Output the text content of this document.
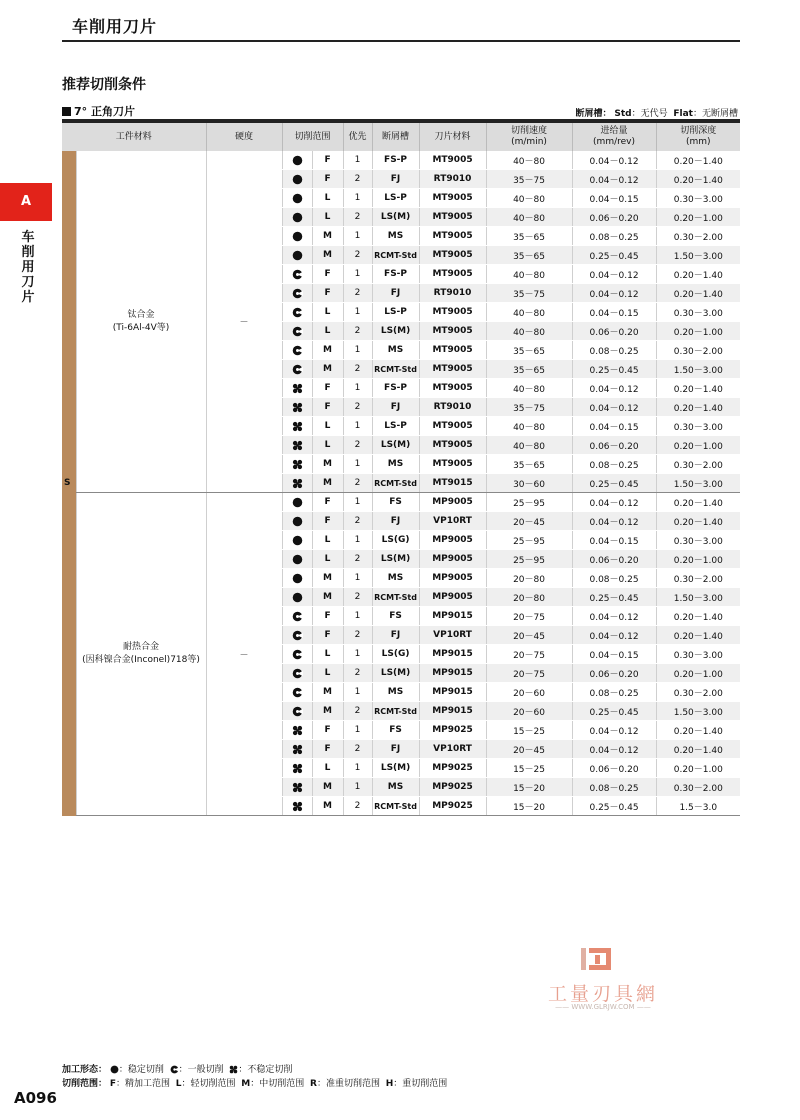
车削用刀片
推荐切削条件
7° 正角刀片	断屑槽： Std：无代号 Flat：无断屑槽
A
车削用刀片
工件材料		硬度	切削范围		优先	断屑槽	刀片材料	切削速度
(m/min)	进给量
(mm/rev)	切削深度
(mm)
S	钛合金
(Ti-6Al-4V等)	－		F	1	FS-P	MT9005	40－80	0.04－0.12	0.20－1.40
	F	2	FJ	RT9010	35－75	0.04－0.12	0.20－1.40
	L	1	LS-P	MT9005	40－80	0.04－0.15	0.30－3.00
	L	2	LS(M)	MT9005	40－80	0.06－0.20	0.20－1.00
	M	1	MS	MT9005	35－65	0.08－0.25	0.30－2.00
	M	2	RCMT-Std	MT9005	35－65	0.25－0.45	1.50－3.00
	F	1	FS-P	MT9005	40－80	0.04－0.12	0.20－1.40
	F	2	FJ	RT9010	35－75	0.04－0.12	0.20－1.40
	L	1	LS-P	MT9005	40－80	0.04－0.15	0.30－3.00
	L	2	LS(M)	MT9005	40－80	0.06－0.20	0.20－1.00
	M	1	MS	MT9005	35－65	0.08－0.25	0.30－2.00
	M	2	RCMT-Std	MT9005	35－65	0.25－0.45	1.50－3.00
	F	1	FS-P	MT9005	40－80	0.04－0.12	0.20－1.40
	F	2	FJ	RT9010	35－75	0.04－0.12	0.20－1.40
	L	1	LS-P	MT9005	40－80	0.04－0.15	0.30－3.00
	L	2	LS(M)	MT9005	40－80	0.06－0.20	0.20－1.00
	M	1	MS	MT9005	35－65	0.08－0.25	0.30－2.00
	M	2	RCMT-Std	MT9015	30－60	0.25－0.45	1.50－3.00
	耐热合金
(因科镍合金(Inconel)718等)	－		F	1	FS	MP9005	25－95	0.04－0.12	0.20－1.40
	F	2	FJ	VP10RT	20－45	0.04－0.12	0.20－1.40
	L	1	LS(G)	MP9005	25－95	0.04－0.15	0.30－3.00
	L	2	LS(M)	MP9005	25－95	0.06－0.20	0.20－1.00
	M	1	MS	MP9005	20－80	0.08－0.25	0.30－2.00
	M	2	RCMT-Std	MP9005	20－80	0.25－0.45	1.50－3.00
	F	1	FS	MP9015	20－75	0.04－0.12	0.20－1.40
	F	2	FJ	VP10RT	20－45	0.04－0.12	0.20－1.40
	L	1	LS(G)	MP9015	20－75	0.04－0.15	0.30－3.00
	L	2	LS(M)	MP9015	20－75	0.06－0.20	0.20－1.00
	M	1	MS	MP9015	20－60	0.08－0.25	0.30－2.00
	M	2	RCMT-Std	MP9015	20－60	0.25－0.45	1.50－3.00
	F	1	FS	MP9025	15－25	0.04－0.12	0.20－1.40
	F	2	FJ	VP10RT	20－45	0.04－0.12	0.20－1.40
	L	1	LS(M)	MP9025	15－25	0.06－0.20	0.20－1.00
	M	1	MS	MP9025	15－20	0.08－0.25	0.30－2.00
	M	2	RCMT-Std	MP9025	15－20	0.25－0.45	1.5－3.0
工量刃具網
—— WWW.GLRJW.COM ——
加工形态： ：稳定切削 ：一般切削 ：不稳定切削
切削范围： F：精加工范围 L：轻切削范围 M：中切削范围 R：准重切削范围 H：重切削范围
A096
